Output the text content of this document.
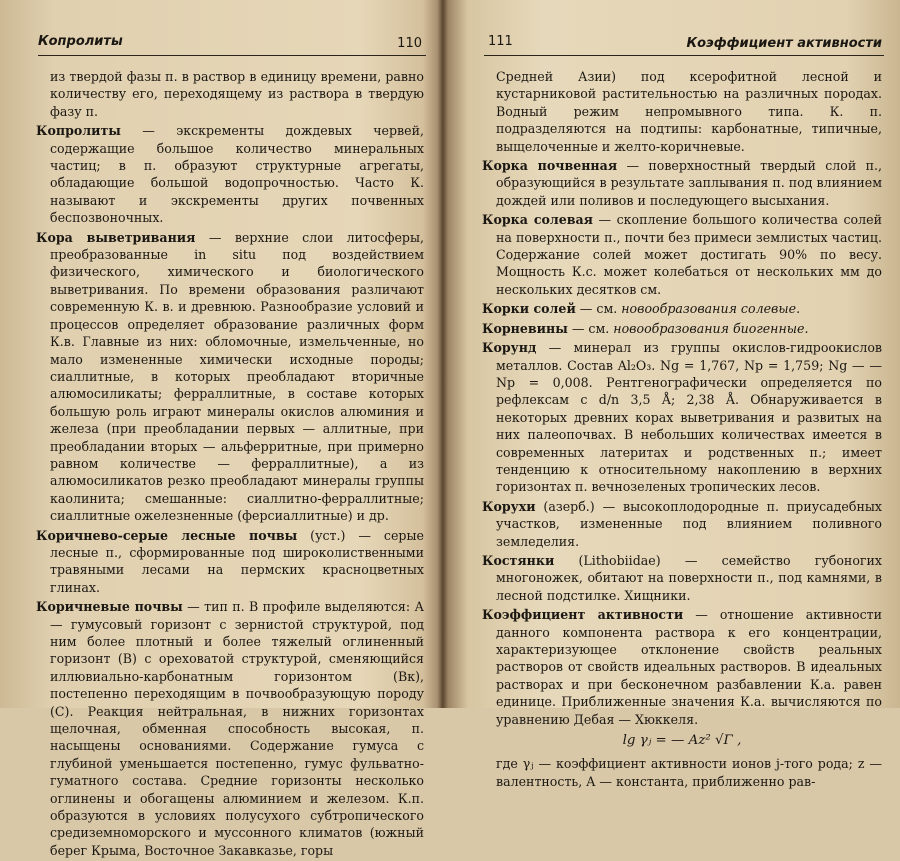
Копролиты	110

из твердой фазы п. в раствор в единицу времени, равно количеству его, переходящему из раствора в твердую фазу п.

Копролиты — экскременты дождевых червей, содержащие большое количество минеральных частиц; в п. образуют структурные агрегаты, обладающие большой водопрочностью. Часто К. называют и экскременты других почвенных беспозвоночных.

Кора выветривания — верхние слои литосферы, преобразованные in situ под воздействием физического, химического и биологического выветривания. По времени образования различают современную К. в. и древнюю. Разнообразие условий и процессов определяет образование различных форм К.в. Главные из них: обломочные, измельченные, но мало измененные химически исходные породы; сиаллитные, в которых преобладают вторичные алюмосиликаты; ферраллитные, в составе которых большую роль играют минералы окислов алюминия и железа (при преобладании первых — аллитные, при преобладании вторых — альферритные, при примерно равном количестве — ферраллитные), а из алюмосиликатов резко преобладают минералы группы каолинита; смешанные: сиаллитно-ферраллитные; сиаллитные ожелезненные (ферсиаллитные) и др.

Коричнево-серые лесные почвы (уст.) — серые лесные п., сформированные под широколиственными травяными лесами на пермских красноцветных глинах.

Коричневые почвы — тип п. В профиле выделяются: А — гумусовый горизонт с зернистой структурой, под ним более плотный и более тяжелый оглиненный горизонт (В) с ореховатой структурой, сменяющийся иллювиально-карбонатным горизонтом (Bк), постепенно переходящим в почвообразующую породу (С). Реакция нейтральная, в нижних горизонтах щелочная, обменная способность высокая, п. насыщены основаниями. Содержание гумуса с глубиной уменьшается постепенно, гумус фульватно-гуматного состава. Средние горизонты несколько оглинены и обогащены алюминием и железом. К.п. образуются в условиях полусухого субтропического средиземноморского и муссонного климатов (южный берег Крыма, Восточное Закавказье, горы

111	Коэффициент активности

Средней Азии) под ксерофитной лесной и кустарниковой растительностью на различных породах. Водный режим непромывного типа. К. п. подразделяются на подтипы: карбонатные, типичные, выщелоченные и желто-коричневые.

Корка почвенная — поверхностный твердый слой п., образующийся в результате заплывания п. под влиянием дождей или поливов и последующего высыхания.

Корка солевая — скопление большого количества солей на поверхности п., почти без примеси землистых частиц. Содержание солей может достигать 90% по весу. Мощность К.с. может колебаться от нескольких мм до нескольких десятков см.

Корки солей — см. новообразования солевые.

Корневины — см. новообразования биогенные.

Корунд — минерал из группы окислов-гидроокислов металлов. Состав Al₂O₃. Ng = 1,767, Np = 1,759; Ng — — Np = 0,008. Рентгенографически определяется по рефлексам с d/n 3,5 Å; 2,38 Å. Обнаруживается в некоторых древних корах выветривания и развитых на них палеопочвах. В небольших количествах имеется в современных латеритах и родственных п.; имеет тенденцию к относительному накоплению в верхних горизонтах п. вечнозеленых тропических лесов.

Корухи (азерб.) — высокоплодородные п. приусадебных участков, измененные под влиянием поливного земледелия.

Костянки (Lithobiidae) — семейство губоногих многоножек, обитают на поверхности п., под камнями, в лесной подстилке. Хищники.

Коэффициент активности — отношение активности данного компонента раствора к его концентрации, характеризующее отклонение свойств реальных растворов от свойств идеальных растворов. В идеальных растворах и при бесконечном разбавлении К.а. равен единице. Приближенные значения К.а. вычисляются по уравнению Дебая — Хюккеля.

lg γⱼ = — Az² √Γ ,

где γⱼ — коэффициент активности ионов j-того рода; z — валентность, A — константа, приближенно рав-
